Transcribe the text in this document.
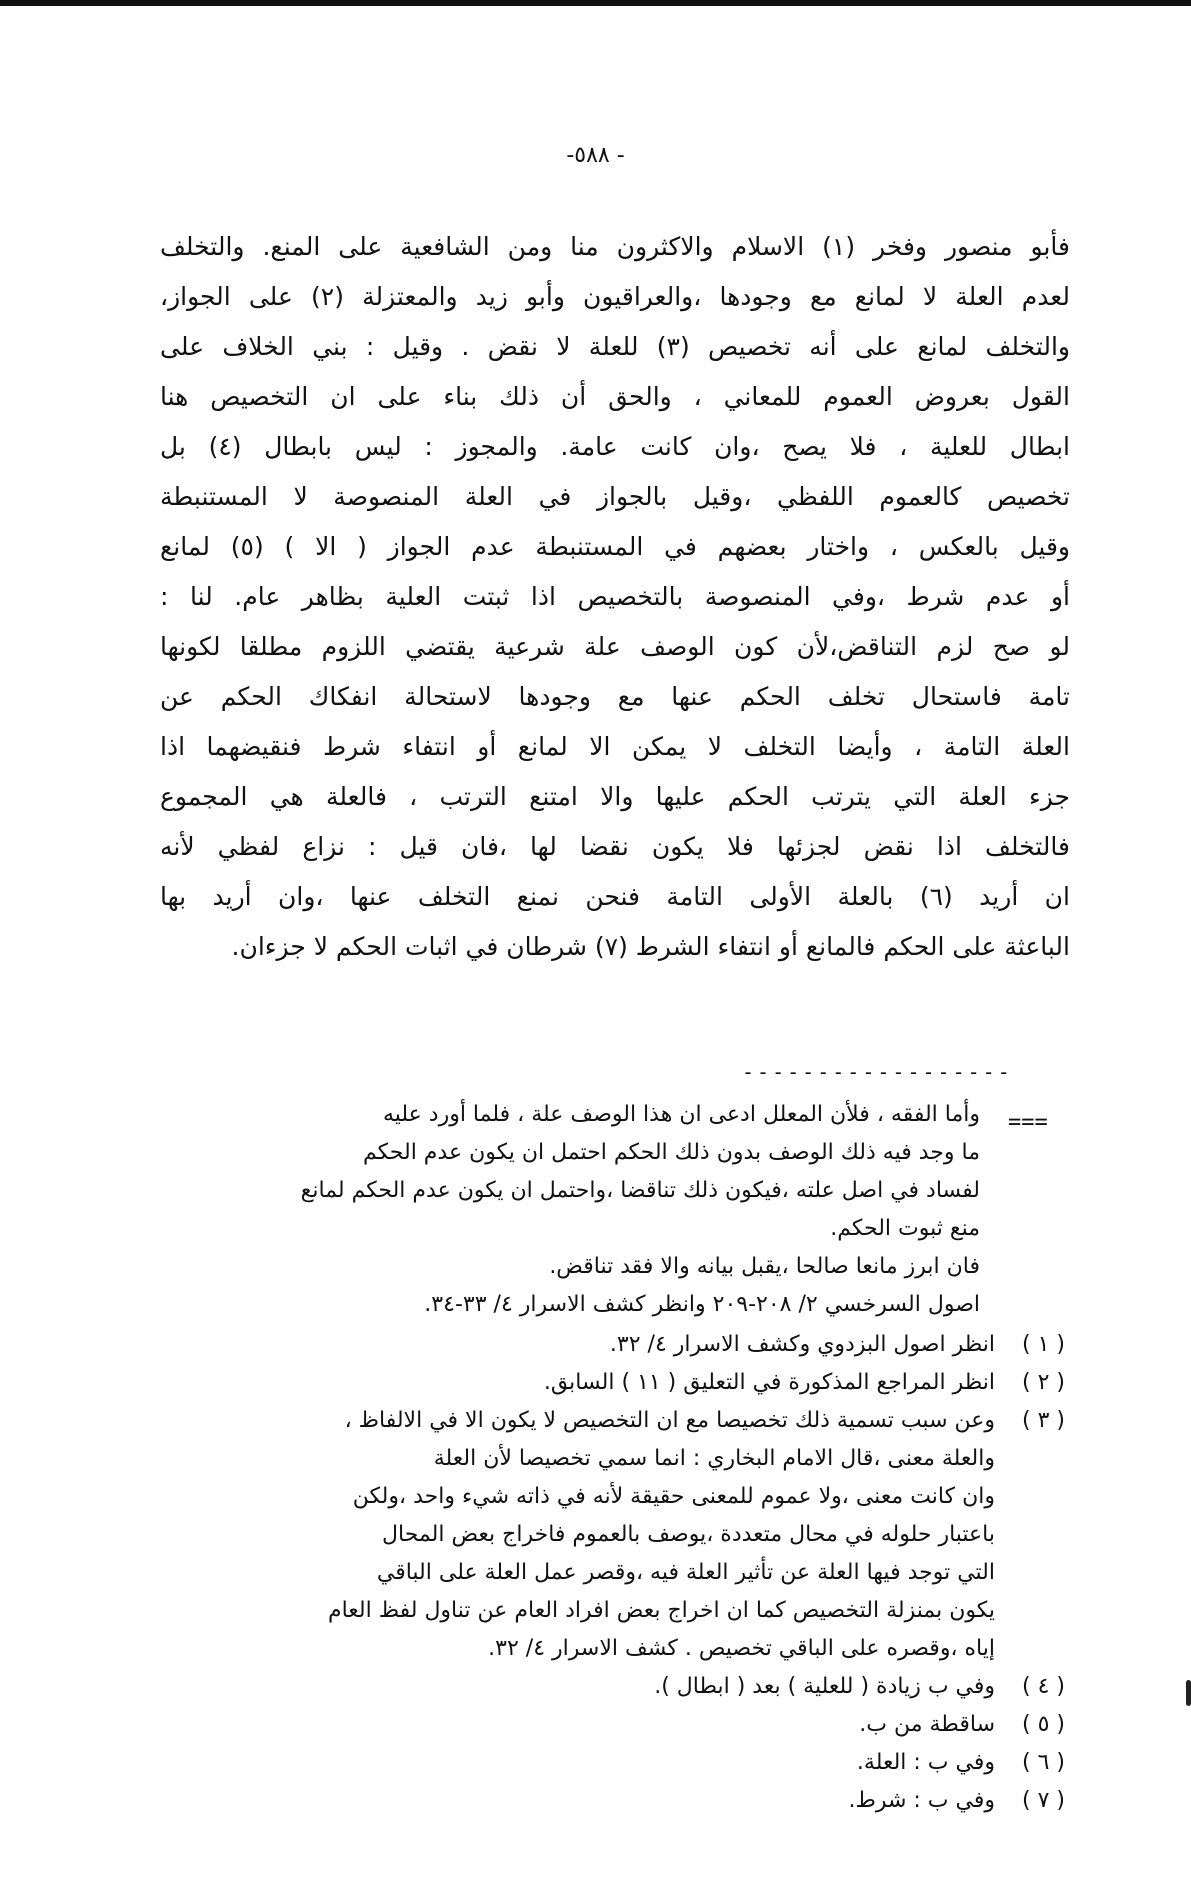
- ٥٨٨-
فأبو منصور وفخر (١) الاسلام والاكثرون منا ومن الشافعية على المنع. والتخلف
لعدم العلة لا لمانع مع وجودها ،والعراقيون وأبو زيد والمعتزلة (٢) على الجواز،
والتخلف لمانع على أنه تخصيص (٣) للعلة لا نقض . وقيل : بني الخلاف على
القول بعروض العموم للمعاني ، والحق أن ذلك بناء على ان التخصيص هنا
ابطال للعلية ، فلا يصح ،وان كانت عامة. والمجوز : ليس بابطال (٤) بل
تخصيص كالعموم اللفظي ،وقيل بالجواز في العلة المنصوصة لا المستنبطة
وقيل بالعكس ، واختار بعضهم في المستنبطة عدم الجواز ( الا ) (٥) لمانع
أو عدم شرط ،وفي المنصوصة بالتخصيص اذا ثبتت العلية بظاهر عام. لنا :
لو صح لزم التناقض،لأن كون الوصف علة شرعية يقتضي اللزوم مطلقا لكونها
تامة فاستحال تخلف الحكم عنها مع وجودها لاستحالة انفكاك الحكم عن
العلة التامة ، وأيضا التخلف لا يمكن الا لمانع أو انتفاء شرط فنقيضهما اذا
جزء العلة التي يترتب الحكم عليها والا امتنع الترتب ، فالعلة هي المجموع
فالتخلف اذا نقض لجزئها فلا يكون نقضا لها ،فان قيل : نزاع لفظي لأنه
ان أريد (٦) بالعلة الأولى التامة فنحن نمنع التخلف عنها ،وان أريد بها
الباعثة على الحكم فالمانع أو انتفاء الشرط (٧) شرطان في اثبات الحكم لا جزءان.
------------------
===
وأما الفقه ، فلأن المعلل ادعى ان هذا الوصف علة ، فلما أورد عليه
ما وجد فيه ذلك الوصف بدون ذلك الحكم احتمل ان يكون عدم الحكم
لفساد في اصل علته ،فيكون ذلك تناقضا ،واحتمل ان يكون عدم الحكم لمانع
منع ثبوت الحكم.
فان ابرز مانعا صالحا ،يقبل بيانه والا فقد تناقض.
اصول السرخسي ٢/ ٢٠٨-٢٠٩ وانظر كشف الاسرار ٤/ ٣٣-٣٤.
( ١ )
انظر اصول البزدوي وكشف الاسرار ٤/ ٣٢.
( ٢ )
انظر المراجع المذكورة في التعليق ( ١١ ) السابق.
( ٣ )
وعن سبب تسمية ذلك تخصيصا مع ان التخصيص لا يكون الا في الالفاظ ،
والعلة معنى ،قال الامام البخاري : انما سمي تخصيصا لأن العلة
وان كانت معنى ،ولا عموم للمعنى حقيقة لأنه في ذاته شيء واحد ،ولكن
باعتبار حلوله في محال متعددة ،يوصف بالعموم فاخراج بعض المحال
التي توجد فيها العلة عن تأثير العلة فيه ،وقصر عمل العلة على الباقي
يكون بمنزلة التخصيص كما ان اخراج بعض افراد العام عن تناول لفظ العام
إياه ،وقصره على الباقي تخصيص . كشف الاسرار ٤/ ٣٢.
( ٤ )
وفي ب زيادة ( للعلية ) بعد ( ابطال ).
( ٥ )
ساقطة من ب.
( ٦ )
وفي ب : العلة.
( ٧ )
وفي ب : شرط.
